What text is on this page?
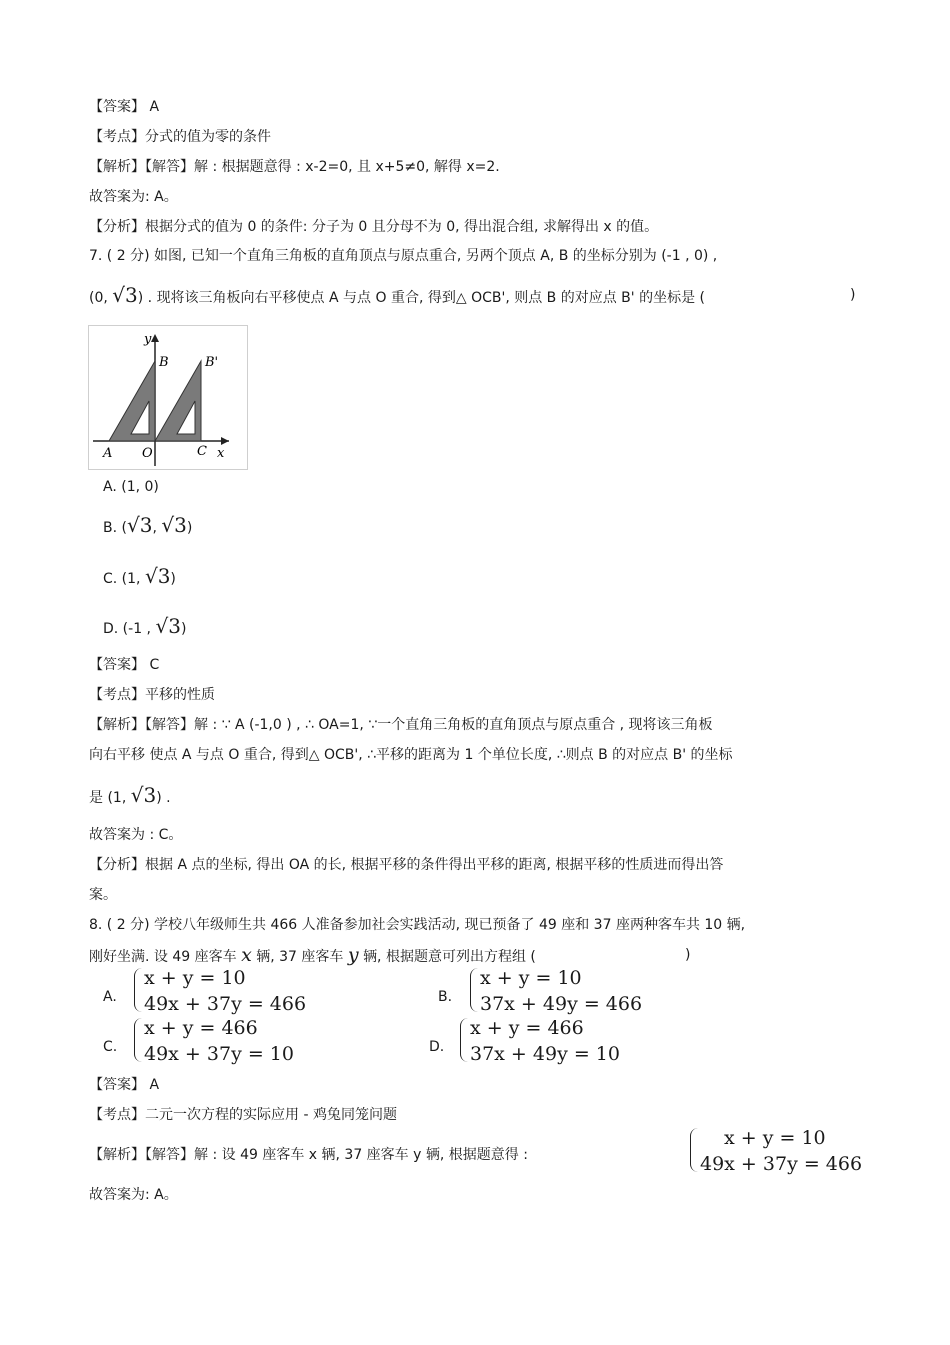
【答案】 A
【考点】分式的值为零的条件
【解析】【解答】解 : 根据题意得 : x-2=0, 且 x+5≠0, 解得 x=2.
故答案为: A。
【分析】根据分式的值为 0 的条件: 分子为 0 且分母不为 0, 得出混合组, 求解得出 x 的值。
7. ( 2 分) 如图, 已知一个直角三角板的直角顶点与原点重合, 另两个顶点 A, B 的坐标分别为 (-1 , 0) ,
(0, √3) . 现将该三角板向右平移使点 A 与点 O 重合, 得到△ OCB', 则点 B 的对应点 B' 的坐标是 (	)
y
B	B'
A O	C x
A. (1, 0)
B. (√3, √3)
C. (1, √3)
D. (-1 , √3)
【答案】 C
【考点】平移的性质
【解析】【解答】解 : ∵ A (-1,0 ) , ∴ OA=1, ∵一个直角三角板的直角顶点与原点重合 , 现将该三角板
向右平移 使点 A 与点 O 重合, 得到△ OCB', ∴平移的距离为 1 个单位长度, ∴则点 B 的对应点 B' 的坐标
是 (1, √3) .
故答案为 : C。
【分析】根据 A 点的坐标, 得出 OA 的长, 根据平移的条件得出平移的距离, 根据平移的性质进而得出答
案。
8. ( 2 分) 学校八年级师生共 466 人准备参加社会实践活动, 现已预备了 49 座和 37 座两种客车共 10 辆,
刚好坐满. 设 49 座客车 x 辆, 37 座客车 y 辆, 根据题意可列出方程组 (	)
A.
x + y = 10
49x + 37y = 466	B.
x + y = 10
37x + 49y = 466
C.
x + y = 466
49x + 37y = 10	D.
x + y = 466
37x + 49y = 10
【答案】 A
【考点】二元一次方程的实际应用 - 鸡兔同笼问题
【解析】【解答】解 : 设 49 座客车 x 辆, 37 座客车 y 辆, 根据题意得 :
x + y = 10
49x + 37y = 466
故答案为: A。
